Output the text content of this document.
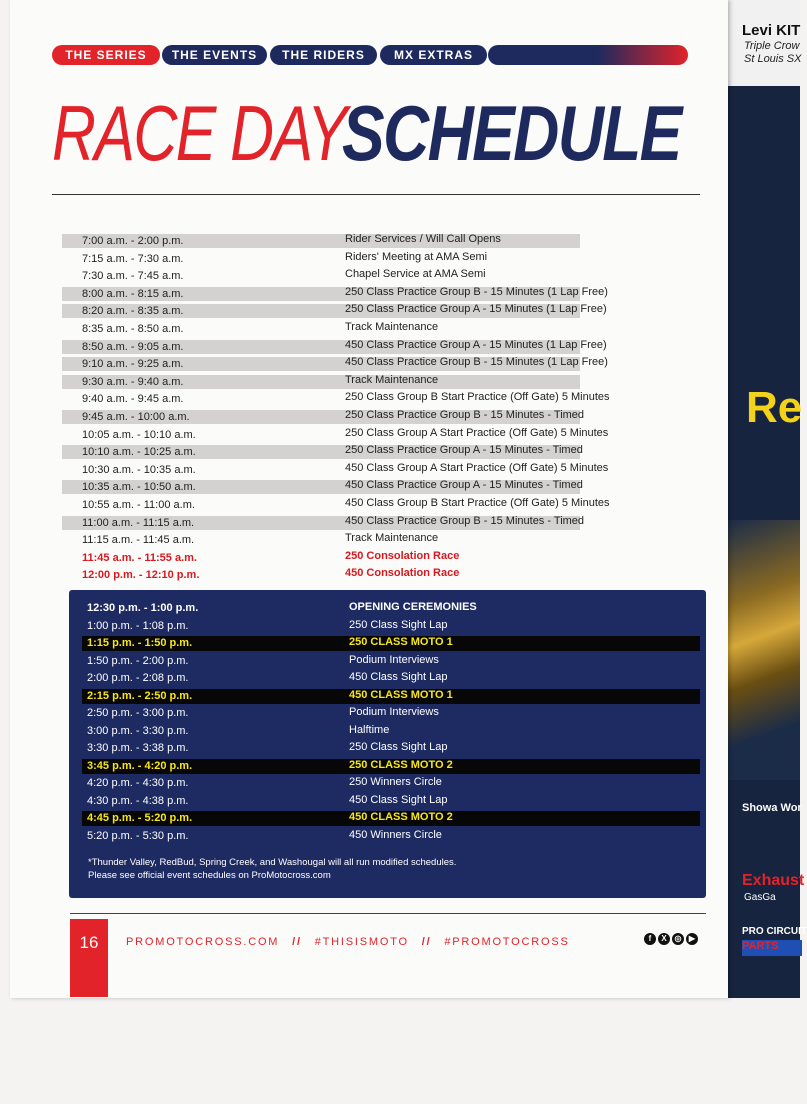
Levi KIT
Triple Crow
St Louis SX
Re
Showa Wor
Exhaust
GasGa
PRO CIRCUIT
PARTS
THE SERIES	THE EVENTS	THE RIDERS	MX EXTRAS
RACE DAY
SCHEDULE
7:00 a.m. - 2:00 p.m.	Rider Services / Will Call Opens
7:15 a.m. - 7:30 a.m.	Riders' Meeting at AMA Semi
7:30 a.m. - 7:45 a.m.	Chapel Service at AMA Semi
8:00 a.m. - 8:15 a.m.	250 Class Practice Group B - 15 Minutes (1 Lap Free)
8:20 a.m. - 8:35 a.m.	250 Class Practice Group A - 15 Minutes (1 Lap Free)
8:35 a.m. - 8:50 a.m.	Track Maintenance
8:50 a.m. - 9:05 a.m.	450 Class Practice Group A - 15 Minutes (1 Lap Free)
9:10 a.m. - 9:25 a.m.	450 Class Practice Group B - 15 Minutes (1 Lap Free)
9:30 a.m. - 9:40 a.m.	Track Maintenance
9:40 a.m. - 9:45 a.m.	250 Class Group B Start Practice (Off Gate) 5 Minutes
9:45 a.m. - 10:00 a.m.	250 Class Practice Group B - 15 Minutes - Timed
10:05 a.m. - 10:10 a.m.	250 Class Group A Start Practice (Off Gate) 5 Minutes
10:10 a.m. - 10:25 a.m.	250 Class Practice Group A - 15 Minutes - Timed
10:30 a.m. - 10:35 a.m.	450 Class Group A Start Practice (Off Gate) 5 Minutes
10:35 a.m. - 10:50 a.m.	450 Class Practice Group A - 15 Minutes - Timed
10:55 a.m. - 11:00 a.m.	450 Class Group B Start Practice (Off Gate) 5 Minutes
11:00 a.m. - 11:15 a.m.	450 Class Practice Group B - 15 Minutes - Timed
11:15 a.m. - 11:45 a.m.	Track Maintenance
11:45 a.m. - 11:55 a.m.	250 Consolation Race
12:00 p.m. - 12:10 p.m.	450 Consolation Race
12:30 p.m. - 1:00 p.m.	OPENING CEREMONIES
1:00 p.m. - 1:08 p.m.	250 Class Sight Lap
1:15 p.m. - 1:50 p.m.	250 CLASS MOTO 1
1:50 p.m. - 2:00 p.m.	Podium Interviews
2:00 p.m. - 2:08 p.m.	450 Class Sight Lap
2:15 p.m. - 2:50 p.m.	450 CLASS MOTO 1
2:50 p.m. - 3:00 p.m.	Podium Interviews
3:00 p.m. - 3:30 p.m.	Halftime
3:30 p.m. - 3:38 p.m.	250 Class Sight Lap
3:45 p.m. - 4:20 p.m.	250 CLASS MOTO 2
4:20 p.m. - 4:30 p.m.	250 Winners Circle
4:30 p.m. - 4:38 p.m.	450 Class Sight Lap
4:45 p.m. - 5:20 p.m.	450 CLASS MOTO 2
5:20 p.m. - 5:30 p.m.	450 Winners Circle
*Thunder Valley, RedBud, Spring Creek, and Washougal will all run modified schedules.
Please see official event schedules on ProMotocross.com
16	PROMOTOCROSS.COM // #THISISMOTO // #PROMOTOCROSS	f	X ◎ ▶
